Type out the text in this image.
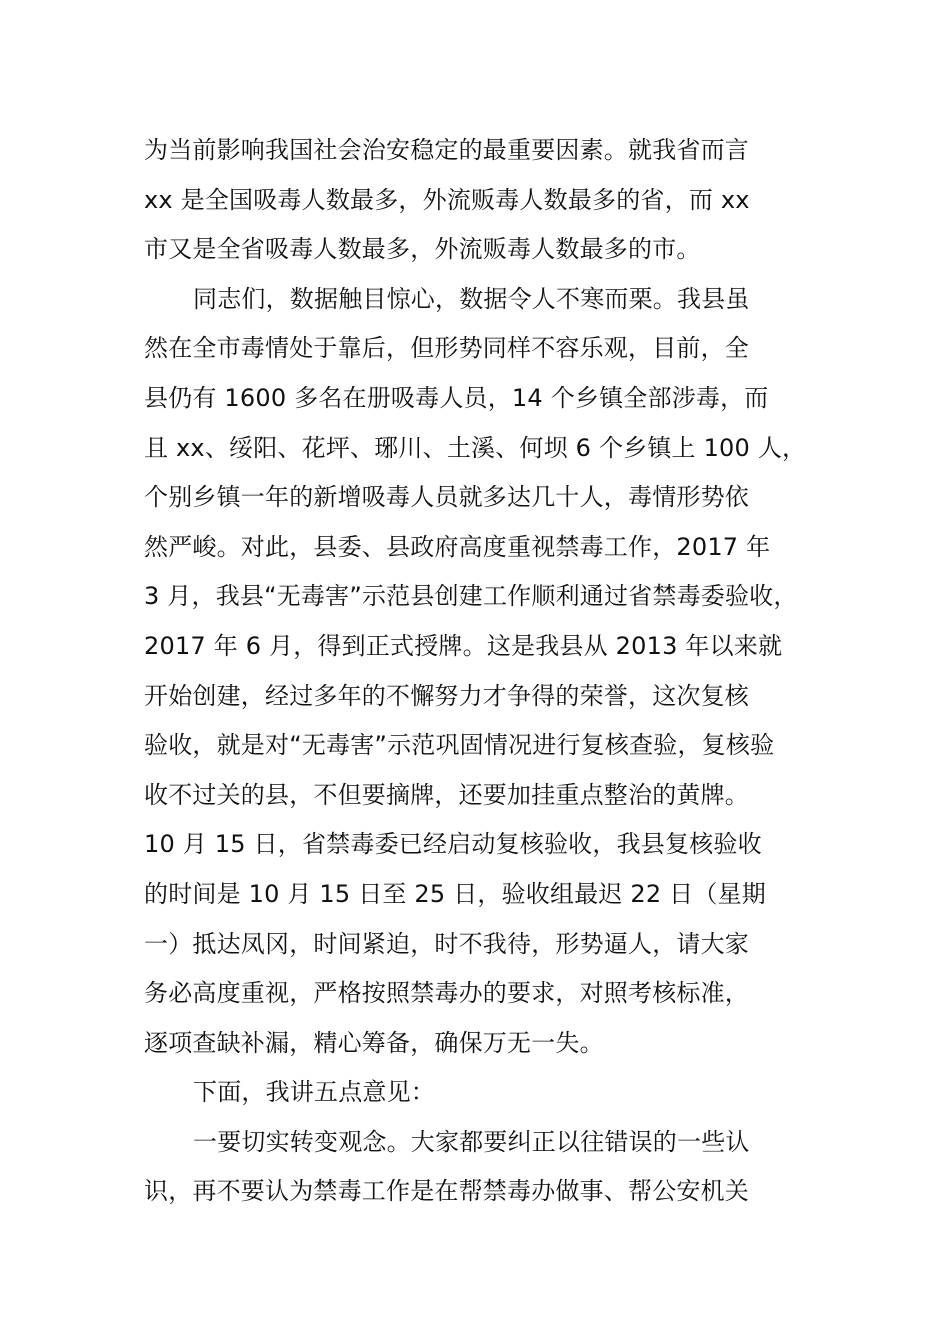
为当前影响我国社会治安稳定的最重要因素。就我省而言
xx 是全国吸毒人数最多，外流贩毒人数最多的省，而 xx
市又是全省吸毒人数最多，外流贩毒人数最多的市。
同志们，数据触目惊心，数据令人不寒而栗。我县虽
然在全市毒情处于靠后，但形势同样不容乐观，目前，全
县仍有 1600 多名在册吸毒人员，14 个乡镇全部涉毒，而
且 xx、绥阳、花坪、琊川、土溪、何坝 6 个乡镇上 100 人，
个别乡镇一年的新增吸毒人员就多达几十人，毒情形势依
然严峻。对此，县委、县政府高度重视禁毒工作，2017 年
3 月，我县“无毒害”示范县创建工作顺利通过省禁毒委验收，
2017 年 6 月，得到正式授牌。这是我县从 2013 年以来就
开始创建，经过多年的不懈努力才争得的荣誉，这次复核
验收，就是对“无毒害”示范巩固情况进行复核查验，复核验
收不过关的县，不但要摘牌，还要加挂重点整治的黄牌。
10 月 15 日，省禁毒委已经启动复核验收，我县复核验收
的时间是 10 月 15 日至 25 日，验收组最迟 22 日（星期
一）抵达凤冈，时间紧迫，时不我待，形势逼人，请大家
务必高度重视，严格按照禁毒办的要求，对照考核标准，
逐项查缺补漏，精心筹备，确保万无一失。
下面，我讲五点意见：
一要切实转变观念。大家都要纠正以往错误的一些认
识，再不要认为禁毒工作是在帮禁毒办做事、帮公安机关
